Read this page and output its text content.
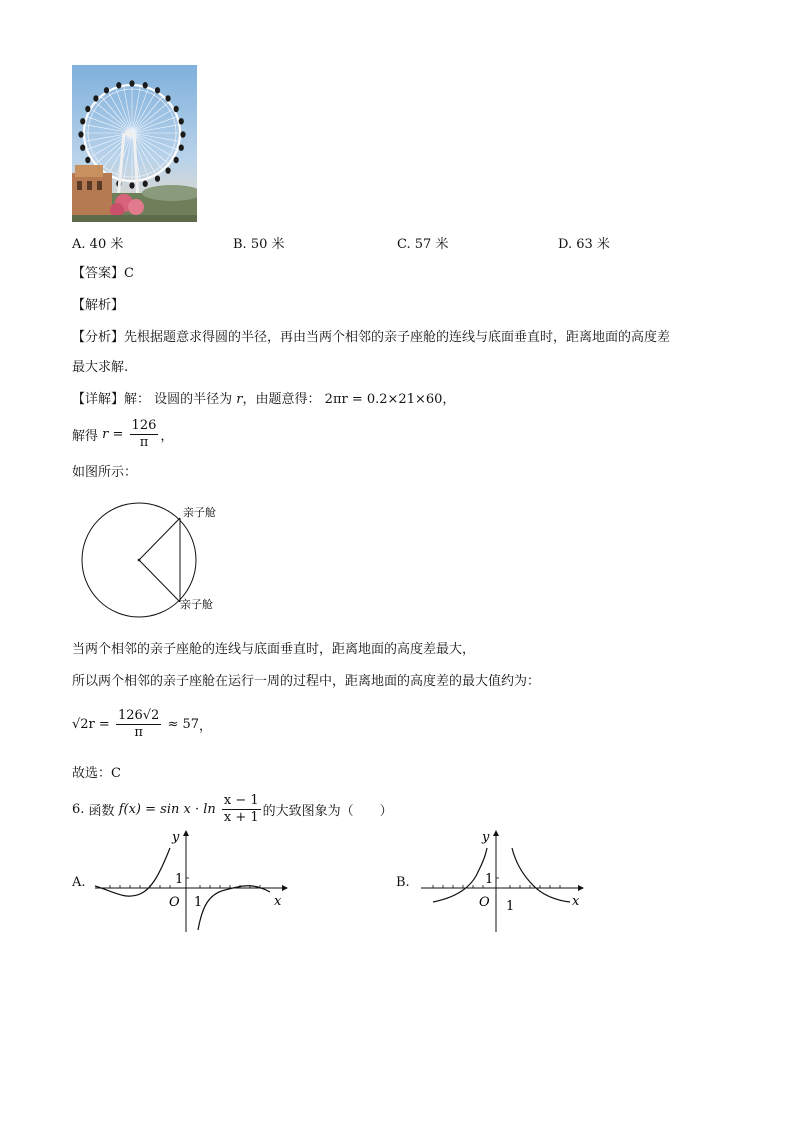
A. 40 米	B. 50 米	C. 57 米	D. 63 米
【答案】C
【解析】
【分析】先根据题意求得圆的半径，再由当两个相邻的亲子座舱的连线与底面垂直时，距离地面的高度差
最大求解.
【详解】解： 设圆的半径为 r，由题意得： 2πr = 0.2×21×60，
解得 $r = \frac{126}{\pi}$ ，
如图所示：
亲子舱
亲子舱
当两个相邻的亲子座舱的连线与底面垂直时，距离地面的高度差最大，
所以两个相邻的亲子座舱在运行一周的过程中，距离地面的高度差的最大值约为：
$√2r = \frac{126√2}{\pi} \approx 57$，
故选：C
6. 函数 $f(x) = \sin x \cdot \ln \frac{x - 1}{x + 1}$ 的大致图象为（　　）
A.
y
x
O 1
1	B.
y
x
O 1
1
